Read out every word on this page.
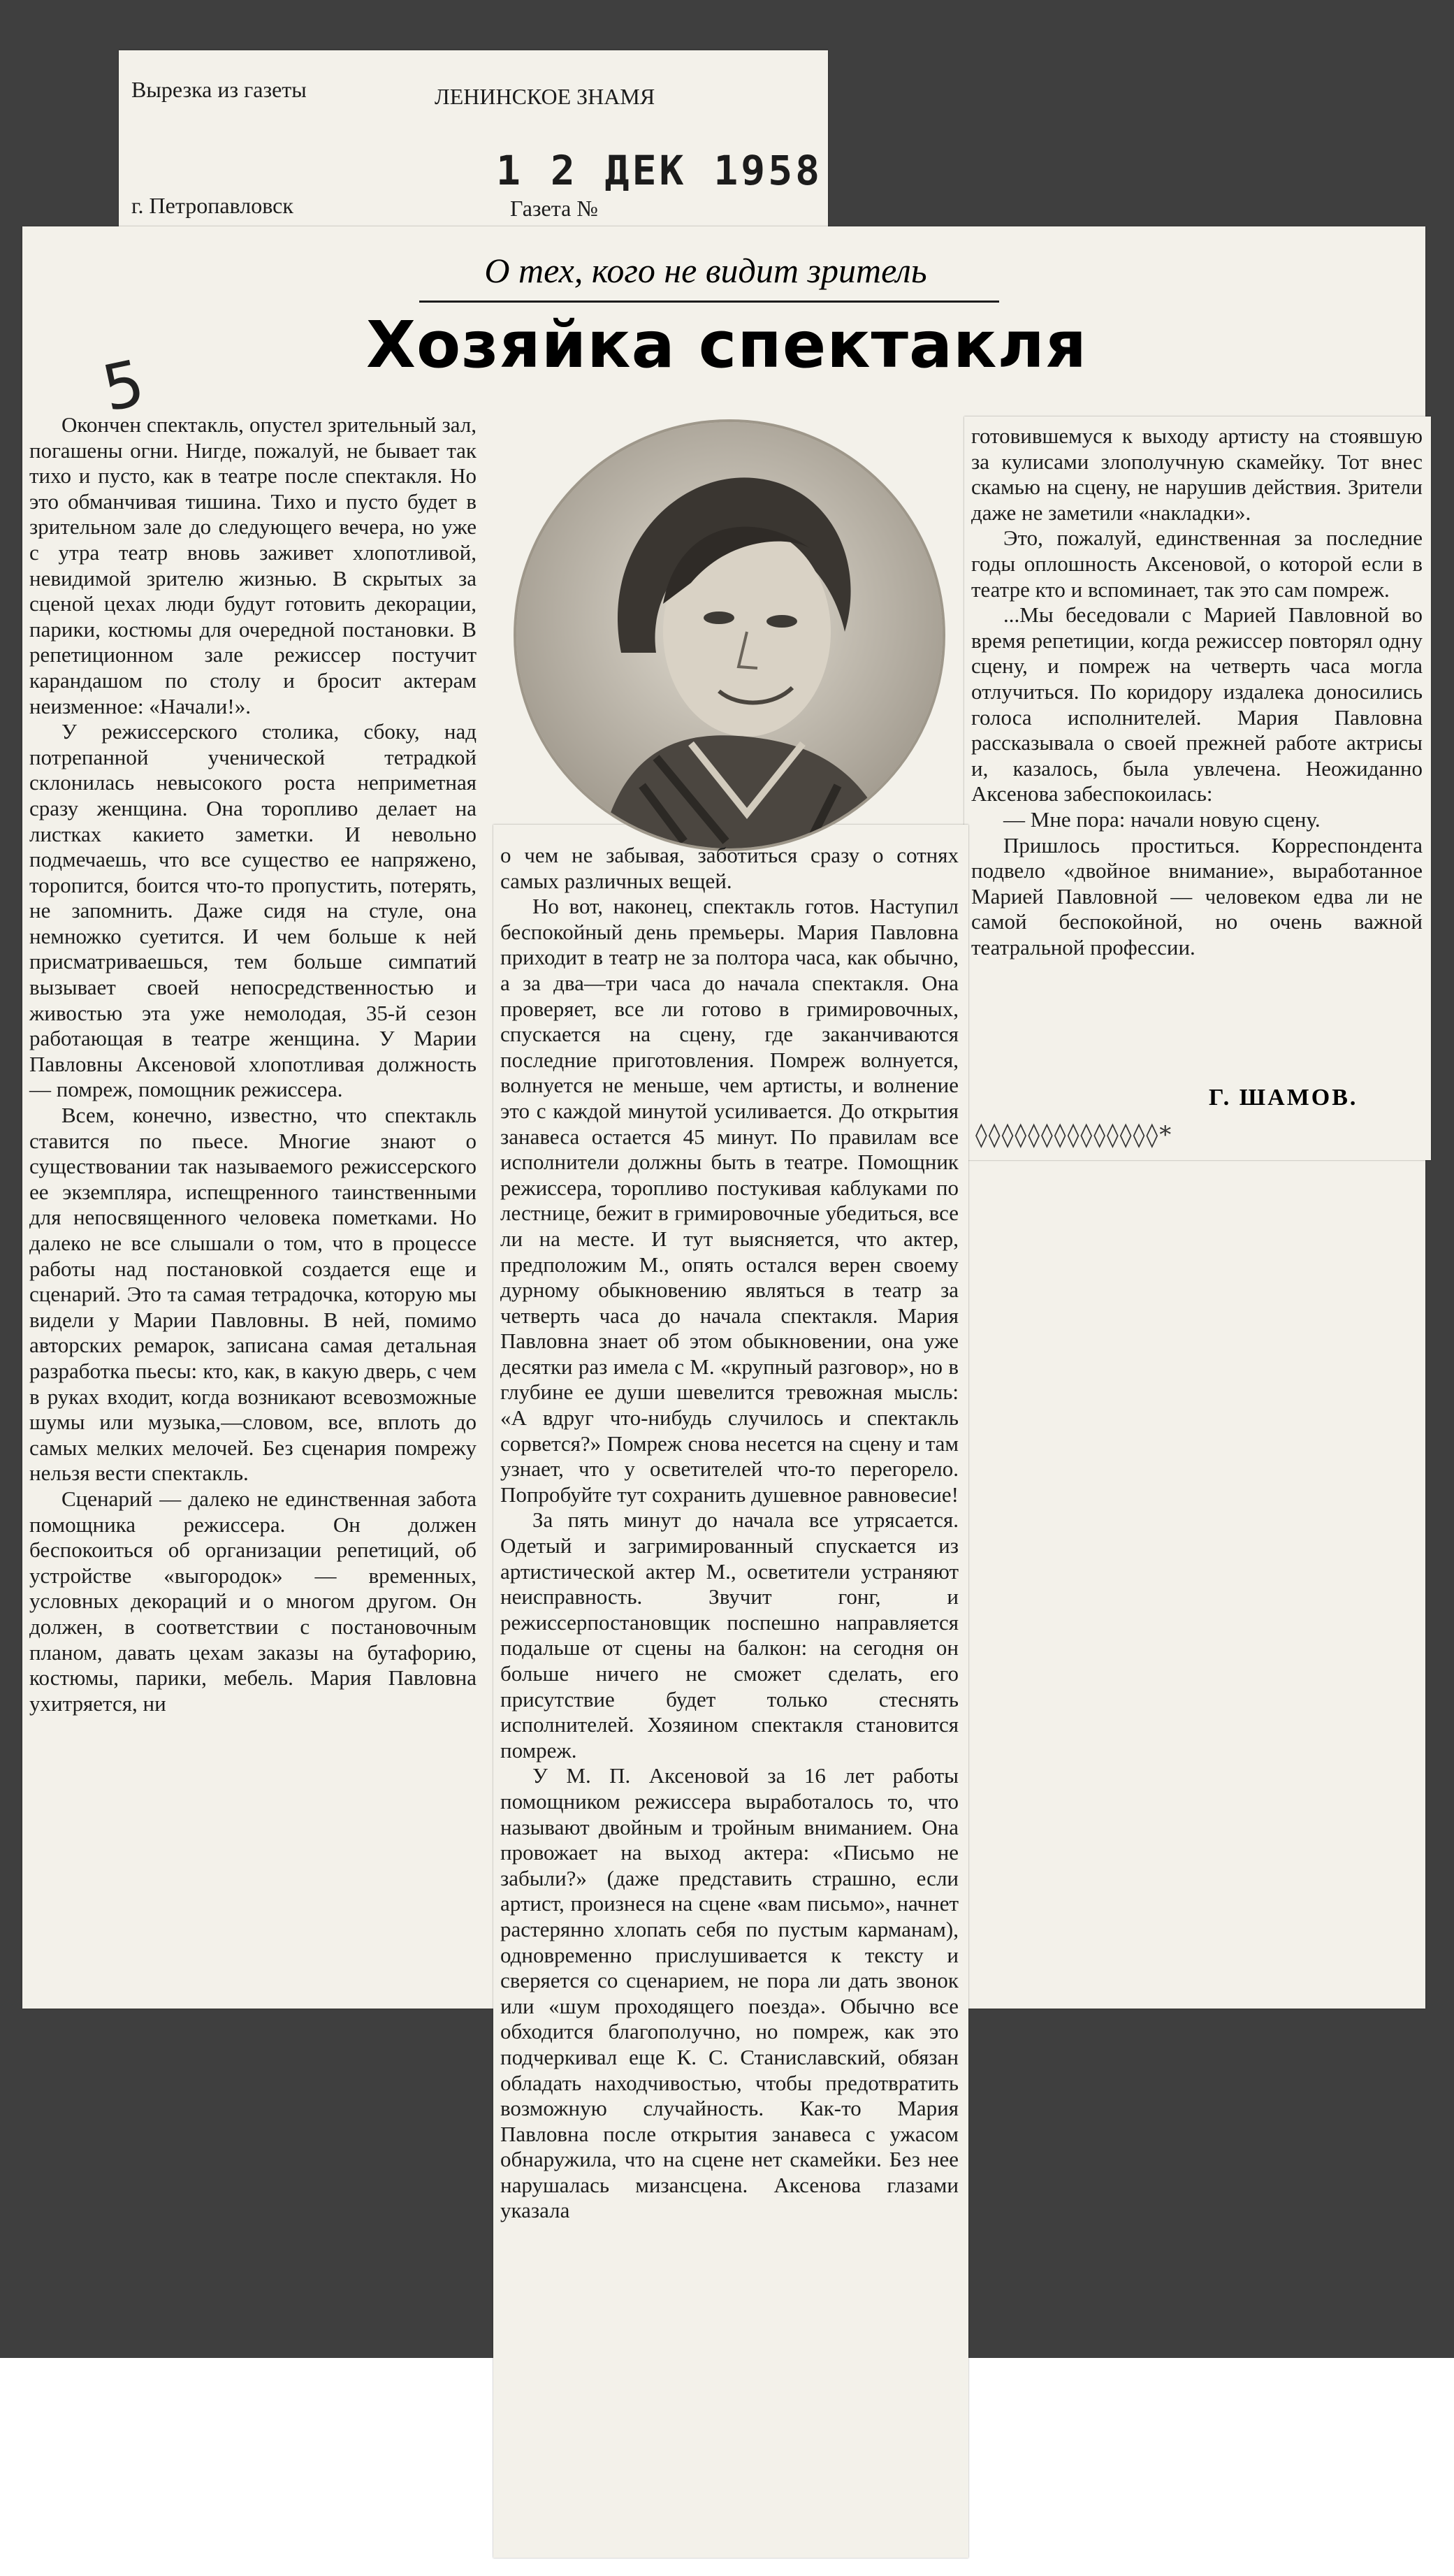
Вырезка из газеты	ЛЕНИНСКОЕ ЗНАМЯ
1 2 ДЕК 1958
г. Петропавловск	Газета №
О тех, кого не видит зритель
Хозяйка спектакля
5

Окончен спектакль, опустел зрительный зал, погашены огни. Нигде, пожалуй, не бывает так тихо и пусто, как в театре после спектакля. Но это обманчивая тишина. Тихо и пусто будет в зрительном зале до следующего вечера, но уже с утра театр вновь заживет хлопотливой, невидимой зрителю жизнью. В скрытых за сценой цехах люди будут готовить декорации, парики, костюмы для очередной постановки. В репетиционном зале режиссер постучит карандашом по столу и бросит актерам неизменное: «Начали!».

У режиссерского столика, сбоку, над потрепанной ученической тетрадкой склонилась невысокого роста неприметная сразу женщина. Она торопливо делает на листках какието заметки. И невольно подмечаешь, что все существо ее напряжено, торопится, боится что-то пропустить, потерять, не запомнить. Даже сидя на стуле, она немножко суетится. И чем больше к ней присматриваешься, тем больше симпатий вызывает своей непосредственностью и живостью эта уже немолодая, 35-й сезон работающая в театре женщина. У Марии Павловны Аксеновой хлопотливая должность — помреж, помощник режиссера.

Всем, конечно, известно, что спектакль ставится по пьесе. Многие знают о существовании так называемого режиссерского ее экземпляра, испещренного таинственными для непосвященного человека пометками. Но далеко не все слышали о том, что в процессе работы над постановкой создается еще и сценарий. Это та самая тетрадочка, которую мы видели у Марии Павловны. В ней, помимо авторских ремарок, записана самая детальная разработка пьесы: кто, как, в какую дверь, с чем в руках входит, когда возникают всевозможные шумы или музыка,—словом, все, вплоть до самых мелких мелочей. Без сценария помрежу нельзя вести спектакль.

Сценарий — далеко не единственная забота помощника режиссера. Он должен беспокоиться об организации репетиций, об устройстве «выгородок» — временных, условных декораций и о многом другом. Он должен, в соответствии с постановочным планом, давать цехам заказы на бутафорию, костюмы, парики, мебель. Мария Павловна ухитряется, ни

о чем не забывая, заботиться сразу о сотнях самых различных вещей.

Но вот, наконец, спектакль готов. Наступил беспокойный день премьеры. Мария Павловна приходит в театр не за полтора часа, как обычно, а за два—три часа до начала спектакля. Она проверяет, все ли готово в гримировочных, спускается на сцену, где заканчиваются последние приготовления. Помреж волнуется, волнуется не меньше, чем артисты, и волнение это с каждой минутой усиливается. До открытия занавеса остается 45 минут. По правилам все исполнители должны быть в театре. Помощник режиссера, торопливо постукивая каблуками по лестнице, бежит в гримировочные убедиться, все ли на месте. И тут выясняется, что актер, предположим М., опять остался верен своему дурному обыкновению являться в театр за четверть часа до начала спектакля. Мария Павловна знает об этом обыкновении, она уже десятки раз имела с М. «крупный разговор», но в глубине ее души шевелится тревожная мысль: «А вдруг что-нибудь случилось и спектакль сорвется?» Помреж снова несется на сцену и там узнает, что у осветителей что-то перегорело. Попробуйте тут сохранить душевное равновесие!

За пять минут до начала все утрясается. Одетый и загримированный спускается из артистической актер М., осветители устраняют неисправность. Звучит гонг, и режиссерпостановщик поспешно направляется подальше от сцены на балкон: на сегодня он больше ничего не сможет сделать, его присутствие будет только стеснять исполнителей. Хозяином спектакля становится помреж.

У М. П. Аксеновой за 16 лет работы помощником режиссера выработалось то, что называют двойным и тройным вниманием. Она провожает на выход актера: «Письмо не забыли?» (даже представить страшно, если артист, произнеся на сцене «вам письмо», начнет растерянно хлопать себя по пустым карманам), одновременно прислушивается к тексту и сверяется со сценарием, не пора ли дать звонок или «шум проходящего поезда». Обычно все обходится благополучно, но помреж, как это подчеркивал еще К. С. Станиславский, обязан обладать находчивостью, чтобы предотвратить возможную случайность. Как-то Мария Павловна после открытия занавеса с ужасом обнаружила, что на сцене нет скамейки. Без нее нарушалась мизансцена. Аксенова глазами указала

готовившемуся к выходу артисту на стоявшую за кулисами злополучную скамейку. Тот внес скамью на сцену, не нарушив действия. Зрители даже не заметили «накладки».

Это, пожалуй, единственная за последние годы оплошность Аксеновой, о которой если в театре кто и вспоминает, так это сам помреж.

...Мы беседовали с Марией Павловной во время репетиции, когда режиссер повторял одну сцену, и помреж на четверть часа могла отлучиться. По коридору издалека доносились голоса исполнителей. Мария Павловна рассказывала о своей прежней работе актрисы и, казалось, была увлечена. Неожиданно Аксенова забеспокоилась:

— Мне пора: начали новую сцену.

Пришлось проститься. Корреспондента подвело «двойное внимание», выработанное Марией Павловной — человеком едва ли не самой беспокойной, но очень важной театральной профессии.

Г. ШАМОВ.
◊◊◊◊◊◊◊◊◊◊◊◊◊◊*
